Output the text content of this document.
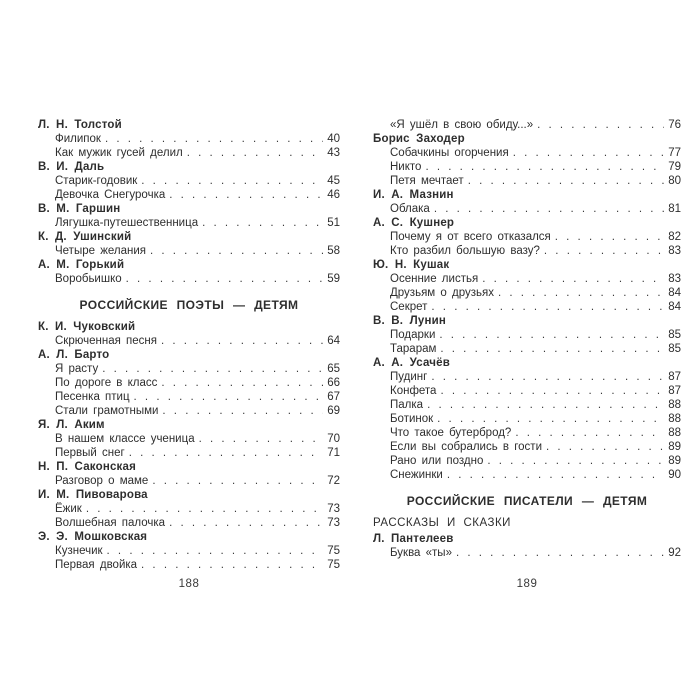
Л. Н. Толстой
Филипок . . .	40
Как мужик гусей делил . . .	43
В. И. Даль
Старик-годовик . . .	45
Девочка Снегурочка . . .	46
В. М. Гаршин
Лягушка-путешественница . . .	51
К. Д. Ушинский
Четыре желания . . .	58
А. М. Горький
Воробьишко . . .	59
РОССИЙСКИЕ ПОЭТЫ — ДЕТЯМ
К. И. Чуковский
Скрюченная песня . . .	64
А. Л. Барто
Я расту . . .	65
По дороге в класс . . .	66
Песенка птиц . . .	67
Стали грамотными . . .	69
Я. Л. Аким
В нашем классе ученица . . .	70
Первый снег . . .	71
Н. П. Саконская
Разговор о маме . . .	72
И. М. Пивоварова
Ёжик . . .	73
Волшебная палочка . . .	73
Э. Э. Мошковская
Кузнечик . . .	75
Первая двойка . . .	75
188
«Я ушёл в свою обиду...» . . .	76
Борис Заходер
Собачкины огорчения . . .	77
Никто . . .	79
Петя мечтает . . .	80
И. А. Мазнин
Облака . . .	81
А. С. Кушнер
Почему я от всего отказался . . .	82
Кто разбил большую вазу? . . .	83
Ю. Н. Кушак
Осенние листья . . .	83
Друзьям о друзьях . . .	84
Секрет . . .	84
В. В. Лунин
Подарки . . .	85
Тарарам . . .	85
А. А. Усачёв
Пудинг . . .	87
Конфета . . .	87
Палка . . .	88
Ботинок . . .	88
Что такое бутерброд? . . .	88
Если вы собрались в гости . . .	89
Рано или поздно . . .	89
Снежинки . . .	90
РОССИЙСКИЕ ПИСАТЕЛИ — ДЕТЯМ
РАССКАЗЫ И СКАЗКИ
Л. Пантелеев
Буква «ты» . . .	92
189
